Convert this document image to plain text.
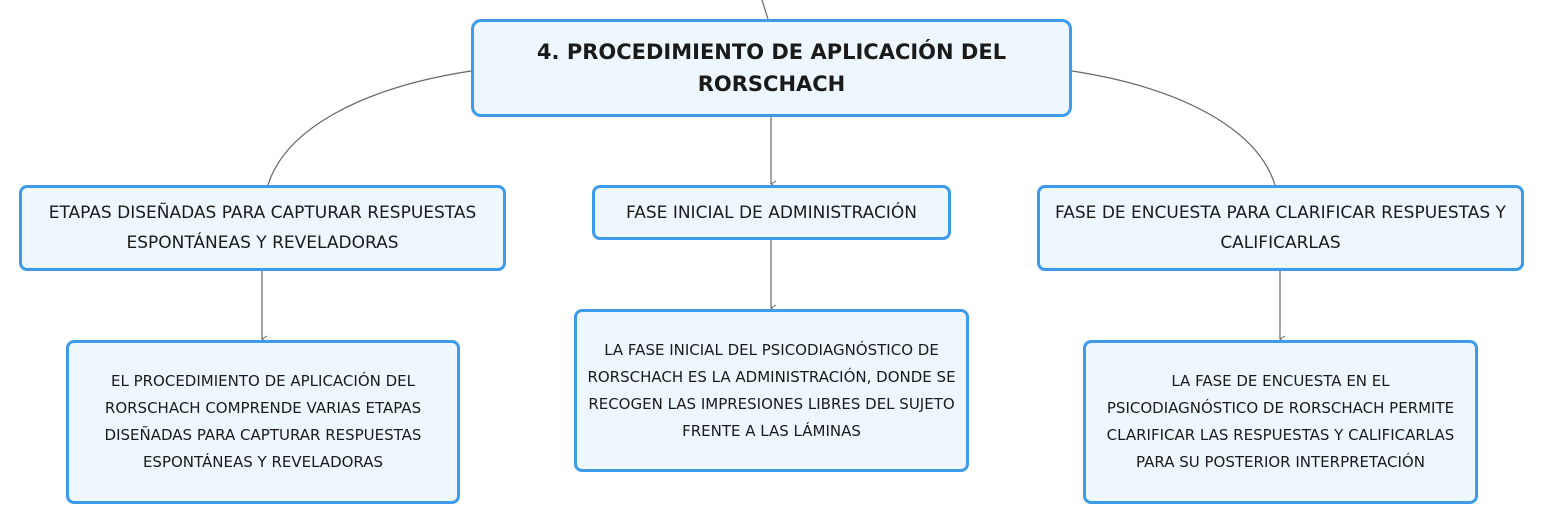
4. PROCEDIMIENTO DE APLICACIÓN DEL RORSCHACH
ETAPAS DISEÑADAS PARA CAPTURAR RESPUESTAS ESPONTÁNEAS Y REVELADORAS
FASE INICIAL DE ADMINISTRACIÓN	FASE DE ENCUESTA PARA CLARIFICAR RESPUESTAS Y CALIFICARLAS
EL PROCEDIMIENTO DE APLICACIÓN DEL RORSCHACH COMPRENDE VARIAS ETAPAS DISEÑADAS PARA CAPTURAR RESPUESTAS ESPONTÁNEAS Y REVELADORAS
LA FASE INICIAL DEL PSICODIAGNÓSTICO DE RORSCHACH ES LA ADMINISTRACIÓN, DONDE SE RECOGEN LAS IMPRESIONES LIBRES DEL SUJETO FRENTE A LAS LÁMINAS
LA FASE DE ENCUESTA EN EL PSICODIAGNÓSTICO DE RORSCHACH PERMITE CLARIFICAR LAS RESPUESTAS Y CALIFICARLAS PARA SU POSTERIOR INTERPRETACIÓN
